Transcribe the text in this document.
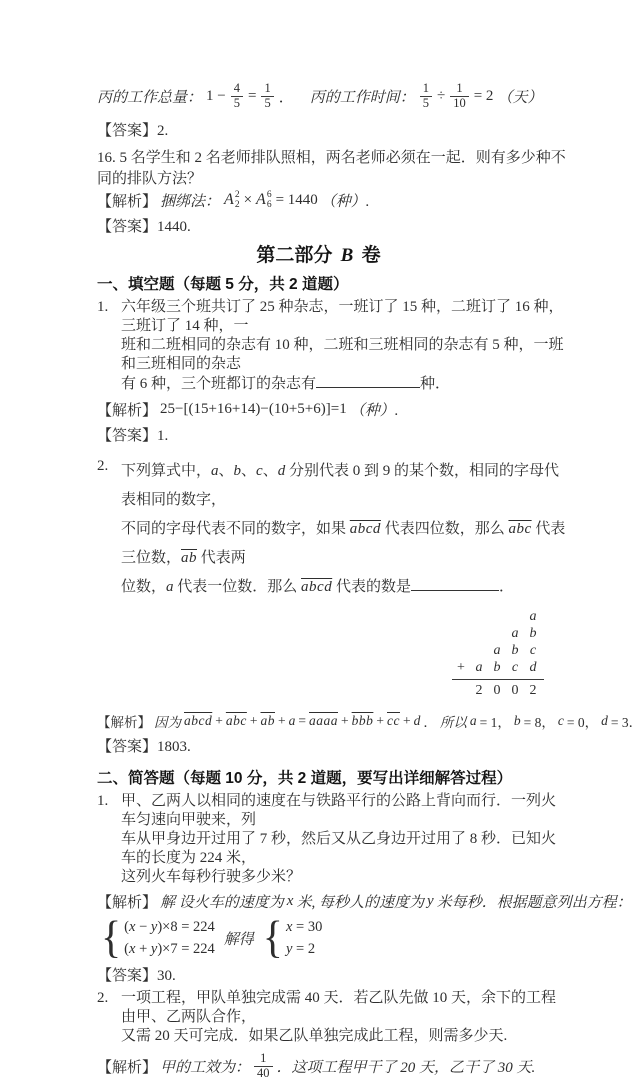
丙的工作总量： $1 - \frac{4}{5} = \frac{1}{5}$ ． 丙的工作时间： $\frac{1}{5} \div \frac{1}{10} = 2$ （天）
【答案】2.
16. 5 名学生和 2 名老师排队照相，两名老师必须在一起．则有多少种不同的排队方法？
【解析】 捆绑法： A 2
2 × A 6
6 = 1440 （种）.
【答案】1440.
第二部分 B 卷
一、填空题（每题 5 分，共 2 道题）
1. 六年级三个班共订了 25 种杂志，一班订了 15 种，二班订了 16 种，三班订了 14 种，一
班和二班相同的杂志有 10 种，二班和三班相同的杂志有 5 种，一班和三班相同的杂志
有 6 种，三个班都订的杂志有	种．
【解析】 25−[(15+16+14)−(10+5+6)]=1 （种）.
【答案】1.
2. 下列算式中，a、b、c、d 分别代表 0 到 9 的某个数，相同的字母代表相同的数字，
不同的字母代表不同的数字，如果 abcd 代表四位数，那么 $\overline{abc}$ 代表三位数，$\overline{ab}$ 代表两
位数，a 代表一位数．那么 abcd 代表的数是	．
a
a b
a b c
+ a b c d
2 0 0 2
【解析】 因为 abcd + $\overline{abc} + \overline{ab} + a$ = aaaa + $\overline{bbb} + \overline{cc} + d$ ． 所以 a = 1， b = 8， c = 0， d = 3．
【答案】1803.
二、简答题（每题 10 分，共 2 道题，要写出详细解答过程）
1. 甲、乙两人以相同的速度在与铁路平行的公路上背向而行．一列火车匀速向甲驶来，列
车从甲身边开过用了 7 秒，然后又从乙身边开过用了 8 秒．已知火车的长度为 224 米，
这列火车每秒行驶多少米？
【解析】 解 设火车的速度为 x 米, 每秒人的速度为 y 米每秒．根据题意列出方程：
{ (x − y)×8 = 224
(x + y)×7 = 224
解得 { x = 30
y = 2
【答案】30.
2. 一项工程，甲队单独完成需 40 天．若乙队先做 10 天，余下的工程由甲、乙两队合作，
又需 20 天可完成．如果乙队单独完成此工程，则需多少天.
【解析】 甲的工效为： $\frac{1}{40}$ ．这项工程甲干了 20 天，乙干了 30 天.
